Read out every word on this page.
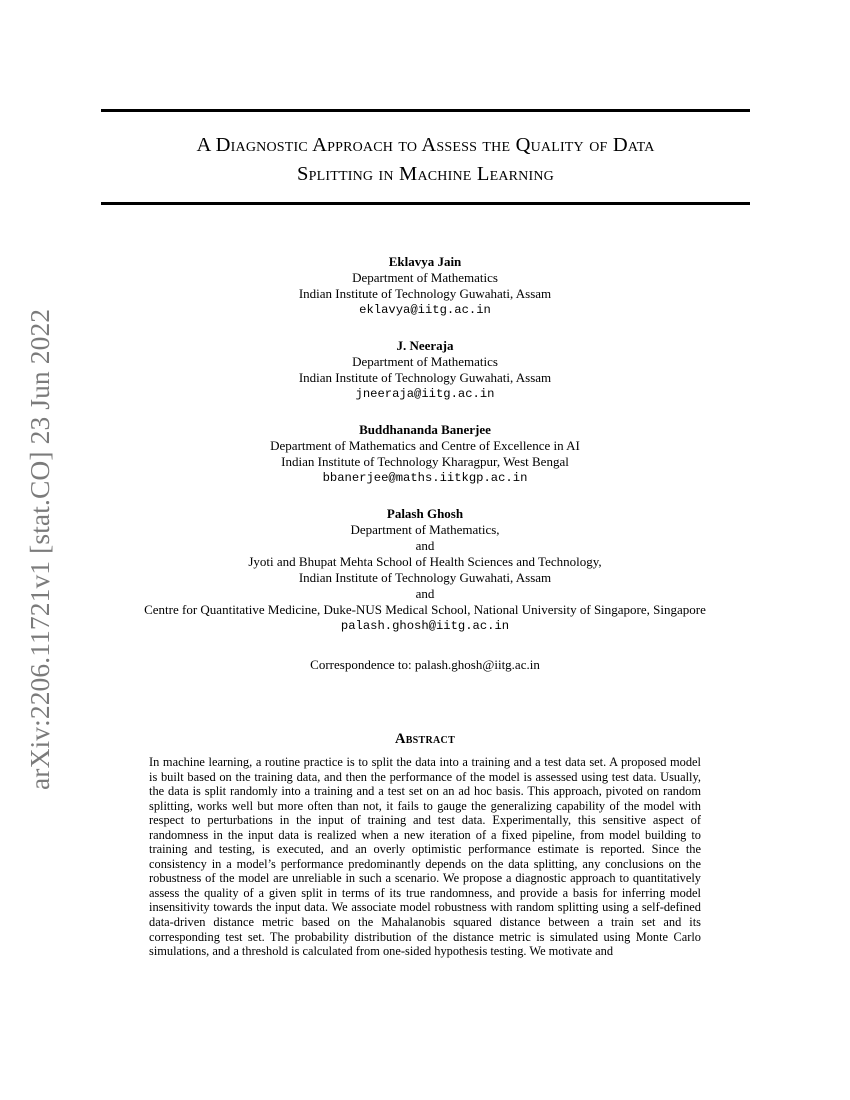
arXiv:2206.11721v1 [stat.CO] 23 Jun 2022
A Diagnostic Approach to Assess the Quality of Data
Splitting in Machine Learning
Eklavya Jain
Department of Mathematics
Indian Institute of Technology Guwahati, Assam
eklavya@iitg.ac.in
J. Neeraja
Department of Mathematics
Indian Institute of Technology Guwahati, Assam
jneeraja@iitg.ac.in
Buddhananda Banerjee
Department of Mathematics and Centre of Excellence in AI
Indian Institute of Technology Kharagpur, West Bengal
bbanerjee@maths.iitkgp.ac.in
Palash Ghosh
Department of Mathematics,
and
Jyoti and Bhupat Mehta School of Health Sciences and Technology,
Indian Institute of Technology Guwahati, Assam
and
Centre for Quantitative Medicine, Duke-NUS Medical School, National University of Singapore, Singapore
palash.ghosh@iitg.ac.in
Correspondence to: palash.ghosh@iitg.ac.in
Abstract
In machine learning, a routine practice is to split the data into a training and a test data set. A proposed model is built based on the training data, and then the performance of the model is assessed using test data. Usually, the data is split randomly into a training and a test set on an ad hoc basis. This approach, pivoted on random splitting, works well but more often than not, it fails to gauge the generalizing capability of the model with respect to perturbations in the input of training and test data. Experimentally, this sensitive aspect of randomness in the input data is realized when a new iteration of a fixed pipeline, from model building to training and testing, is executed, and an overly optimistic performance estimate is reported. Since the consistency in a model’s performance predominantly depends on the data splitting, any conclusions on the robustness of the model are unreliable in such a scenario. We propose a diagnostic approach to quantitatively assess the quality of a given split in terms of its true randomness, and provide a basis for inferring model insensitivity towards the input data. We associate model robustness with random splitting using a self-defined data-driven distance metric based on the Mahalanobis squared distance between a train set and its corresponding test set. The probability distribution of the distance metric is simulated using Monte Carlo simulations, and a threshold is calculated from one-sided hypothesis testing. We motivate and
